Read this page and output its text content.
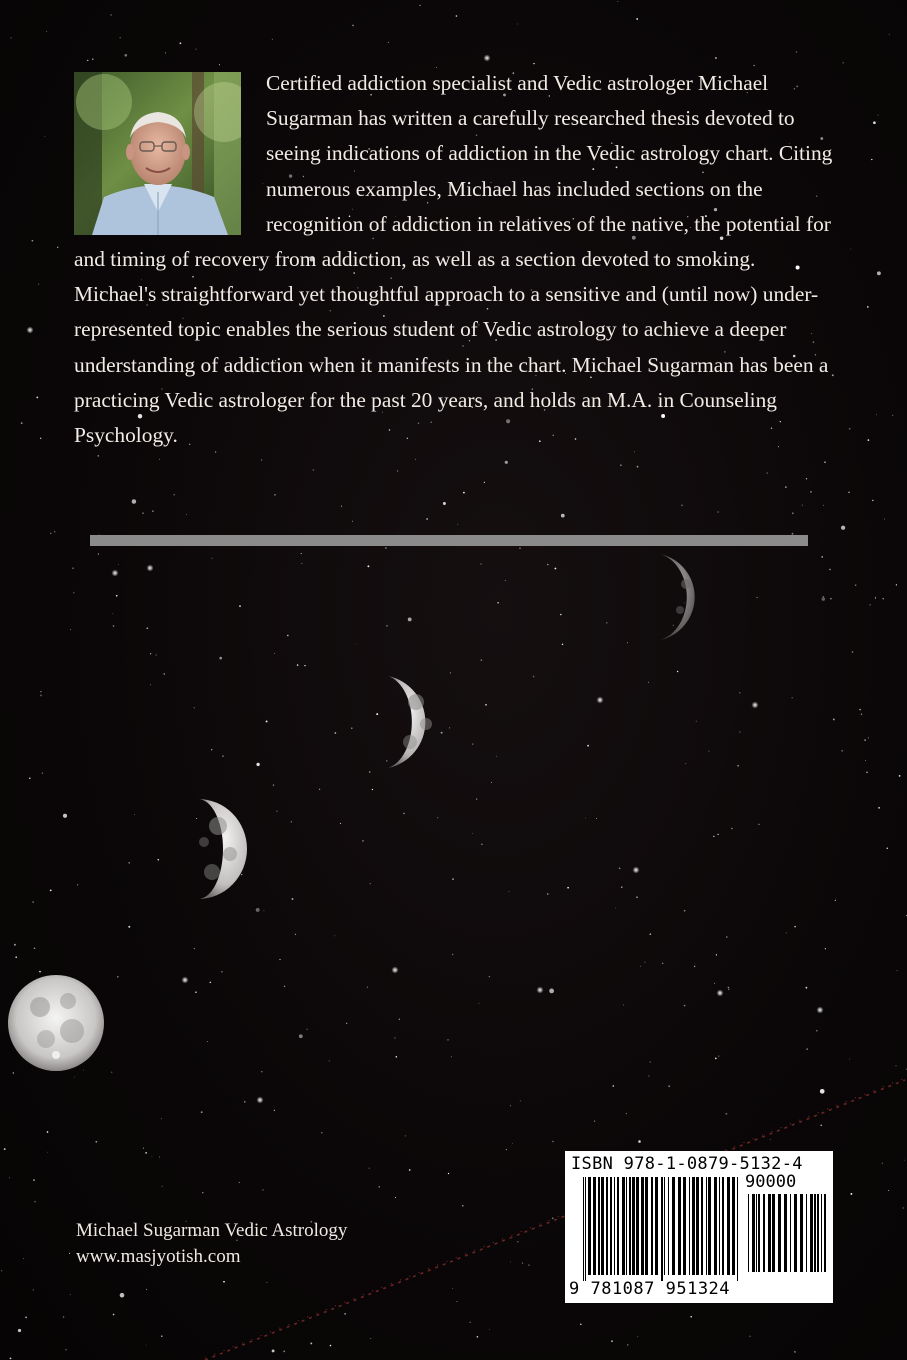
Certified addiction specialist and Vedic astrologer Michael Sugarman has written a carefully researched thesis devoted to seeing indications of addiction in the Vedic astrology chart. Citing numerous examples, Michael has included sections on the recognition of addiction in relatives of the native, the potential for and timing of recovery from addiction, as well as a section devoted to smoking. Michael's straightforward yet thoughtful approach to a sensitive and (until now) under-represented topic enables the serious student of Vedic astrology to achieve a deeper understanding of addiction when it manifests in the chart. Michael Sugarman has been a practicing Vedic astrologer for the past 20 years, and holds an M.A. in Counseling Psychology.

Michael Sugarman Vedic Astrology
www.masjyotish.com
ISBN 978-1-0879-5132-4
90000
9 781087 951324
